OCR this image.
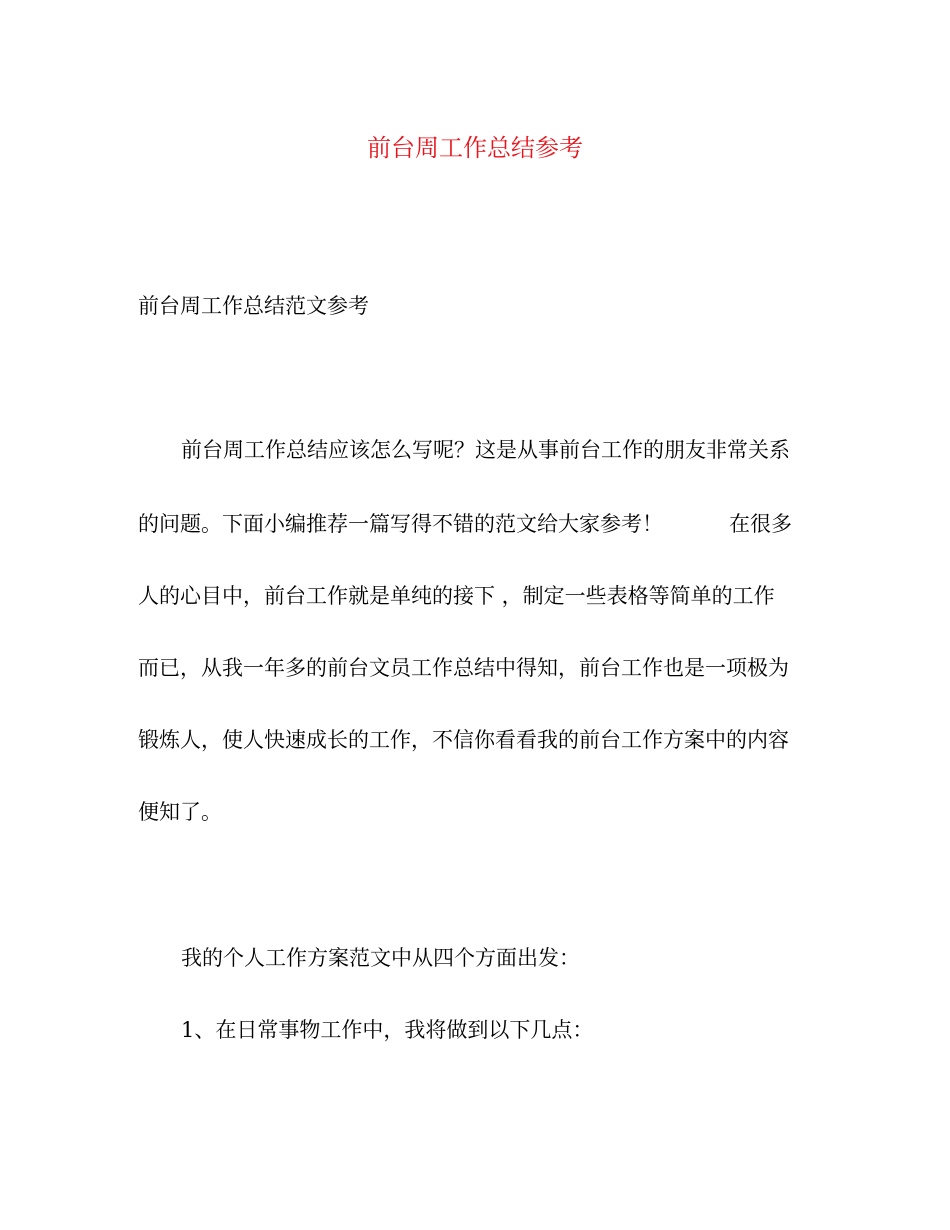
前台周工作总结参考
前台周工作总结范文参考
前台周工作总结应该怎么写呢？这是从事前台工作的朋友非常关系
的问题。下面小编推荐一篇写得不错的范文给大家参考！	在很多
人的心目中，前台工作就是单纯的接下 ，制定一些表格等简单的工作
而已，从我一年多的前台文员工作总结中得知，前台工作也是一项极为
锻炼人，使人快速成长的工作，不信你看看我的前台工作方案中的内容
便知了。
我的个人工作方案范文中从四个方面出发：
1、在日常事物工作中，我将做到以下几点：
